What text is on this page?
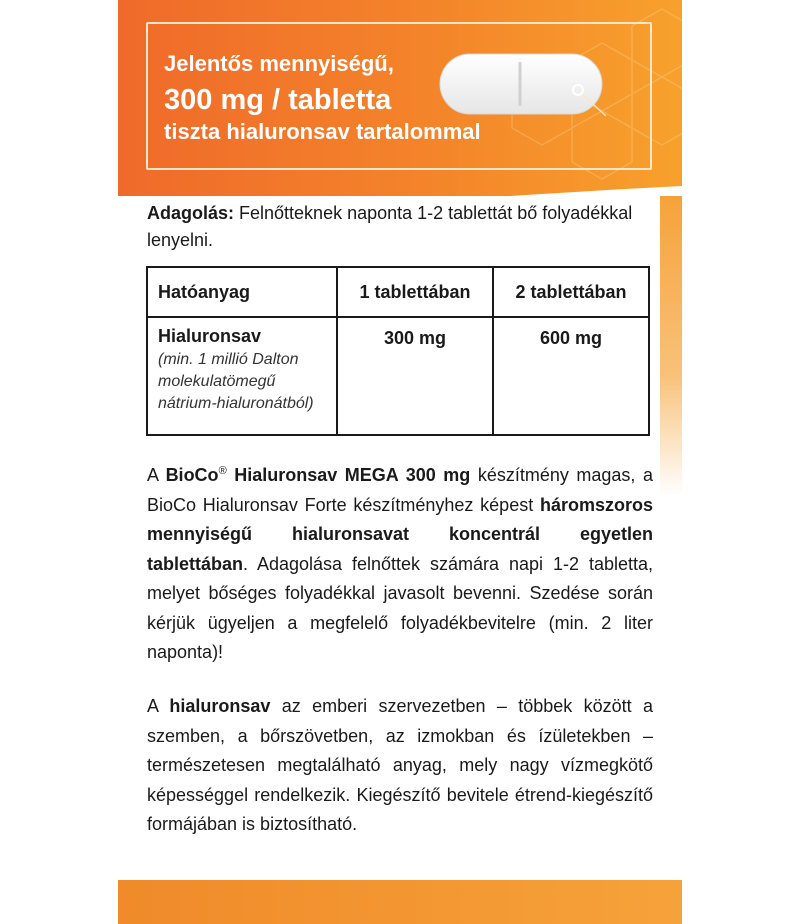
Jelentős mennyiségű,
300 mg / tabletta
tiszta hialuronsav tartalommal
Adagolás: Felnőtteknek naponta 1-2 tablettát bő folyadékkal lenyelni.
Hatóanyag	1 tablettában	2 tablettában

Hialuronsav
(min. 1 millió Dalton molekulatömegű nátrium-hialuronátból)	300 mg	600 mg
A BioCo® Hialuronsav MEGA 300 mg készítmény magas, a BioCo Hialuronsav Forte készítményhez képest háromszoros mennyiségű hialuronsavat koncentrál egyetlen tablettában. Adagolása felnőttek számára napi 1-2 tabletta, melyet bőséges folyadékkal javasolt bevenni. Szedése során kérjük ügyeljen a megfelelő folyadékbevitelre (min. 2 liter naponta)!
A hialuronsav az emberi szervezetben – többek között a szemben, a bőrszövetben, az izmokban és ízületekben – természetesen megtalálható anyag, mely nagy vízmegkötő képességgel rendelkezik. Kiegészítő bevitele étrend-kiegészítő formájában is biztosítható.
